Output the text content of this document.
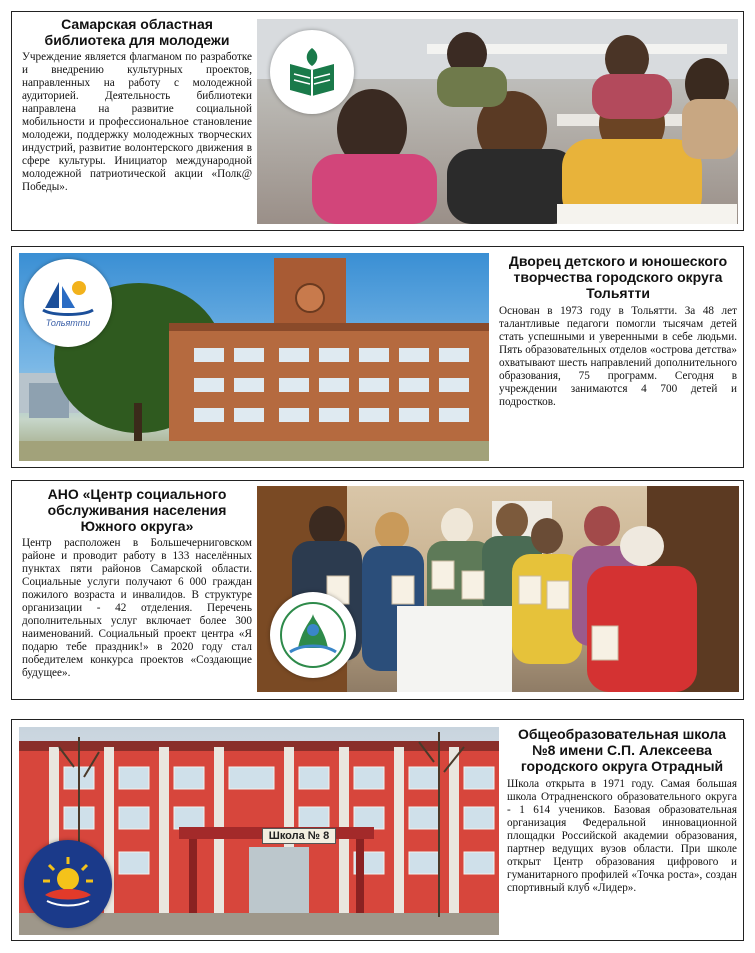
Самарская областная библиотека для молодежи

Учреждение является флагманом по разработке и внедрению культурных проектов, направленных на работу с молодежной аудиторией. Деятельность библиотеки направлена на развитие социальной мобильности и профессиональное становление молодежи, поддержку молодежных творческих индустрий, развитие волонтерского движения в сфере культуры. Инициатор международной молодежной патриотической акции «Полк@ Победы».

Тольятти
Дворец детского и юношеского творчества городского округа Тольятти

Основан в 1973 году в Тольятти. За 48 лет талантливые педагоги помогли тысячам детей стать успешными и уверенными в себе людьми. Пять образовательных отделов «острова детства» охватывают шесть направлений дополнительного образования, 75 программ. Сегодня в учреждении занимаются 4 700 детей и подростков.

АНО «Центр социального обслуживания населения Южного округа»

Центр расположен в Большечерниговском районе и проводит работу в 133 населённых пунктах пяти районов Самарской области. Социальные услуги получают 6 000 граждан пожилого возраста и инвалидов. В структуре организации - 42 отделения. Перечень дополнительных услуг включает более 300 наименований. Социальный проект центра «Я подарю тебе праздник!» в 2020 году стал победителем конкурса проектов «Создающие будущее».

Школа № 8
Общеобразовательная школа №8 имени С.П. Алексеева городского округа Отрадный

Школа открыта в 1971 году. Самая большая школа Отрадненского образовательного округа - 1 614 учеников. Базовая образовательная организация Федеральной инновационной площадки Российской академии образования, партнер ведущих вузов области. При школе открыт Центр образования цифрового и гуманитарного профилей «Точка роста», создан спортивный клуб «Лидер».
